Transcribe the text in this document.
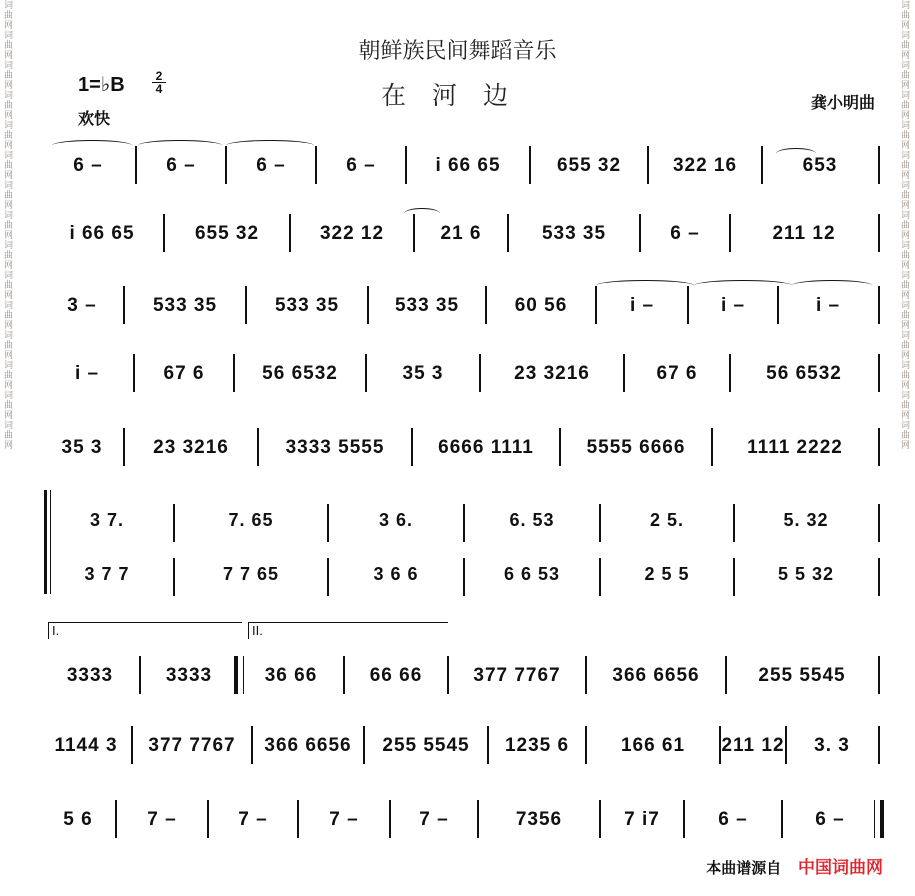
词曲网词曲网词曲网词曲网词曲网词曲网词曲网词曲网词曲网词曲网词曲网词曲网词曲网词曲网词曲网	词曲网词曲网词曲网词曲网词曲网词曲网词曲网词曲网词曲网词曲网词曲网词曲网词曲网词曲网词曲网
朝鲜族民间舞蹈音乐
在河边
1=♭B $\frac{2}{4}$
欢快
龚小明曲
6 –	6 –	6 –	6 –	i 66 65	655 32	322 16	653
i 66 65	655 32	322 12	21 6	533 35	6 –	211 12
3 –	533 35	533 35	533 35	60 56	i –	i –	i –
i –	67 6	56 6532	35 3	23 3216	67 6	56 6532
35 3	23 3216	3333 5555	6666 1111	5555 6666	1111 2222
3 7.	7. 65	3 6.	6. 53	2 5.	5. 32
3 7 7	7 7 65	3 6 6	6 6 53	2 5 5	5 5 32
3333	3333	36 66	66 66	377 7767	366 6656	255 5545
I.	II.
1144 3	377 7767	366 6656	255 5545	1235 6	166 61	211 12	3. 3
5 6	7 –	7 –	7 –	7 –	7356	7 i7	6 –	6 –
本曲谱源自 中国词曲网
